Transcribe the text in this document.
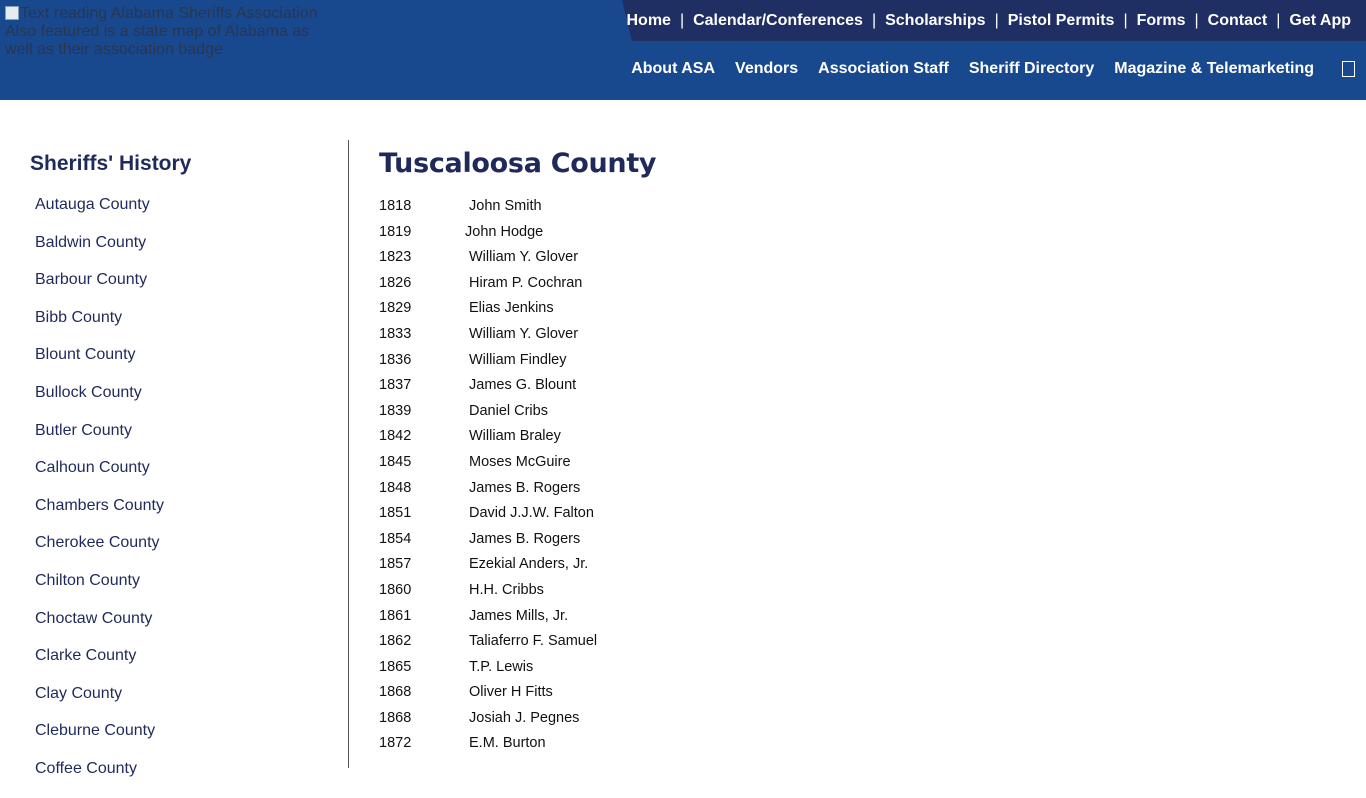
Text reading Alabama Sheriffs Association Also featured is a state map of Alabama as well as their association badge
Home | Calendar/Conferences | Scholarships | Pistol Permits | Forms | Contact | Get App
About ASA Vendors Association Staff Sheriff Directory Magazine & Telemarketing
Sheriffs' History
Autauga County
Baldwin County
Barbour County
Bibb County
Blount County
Bullock County
Butler County
Calhoun County
Chambers County
Cherokee County
Chilton County
Choctaw County
Clarke County
Clay County
Cleburne County
Coffee County
Tuscaloosa County
1818	John Smith
1819	John Hodge
1823	William Y. Glover
1826	Hiram P. Cochran
1829	Elias Jenkins
1833	William Y. Glover
1836	William Findley
1837	James G. Blount
1839	Daniel Cribs
1842	William Braley
1845	Moses McGuire
1848	James B. Rogers
1851	David J.J.W. Falton
1854	James B. Rogers
1857	Ezekial Anders, Jr.
1860	H.H. Cribbs
1861	James Mills, Jr.
1862	Taliaferro F. Samuel
1865	T.P. Lewis
1868	Oliver H Fitts
1868	Josiah J. Pegnes
1872	E.M. Burton
